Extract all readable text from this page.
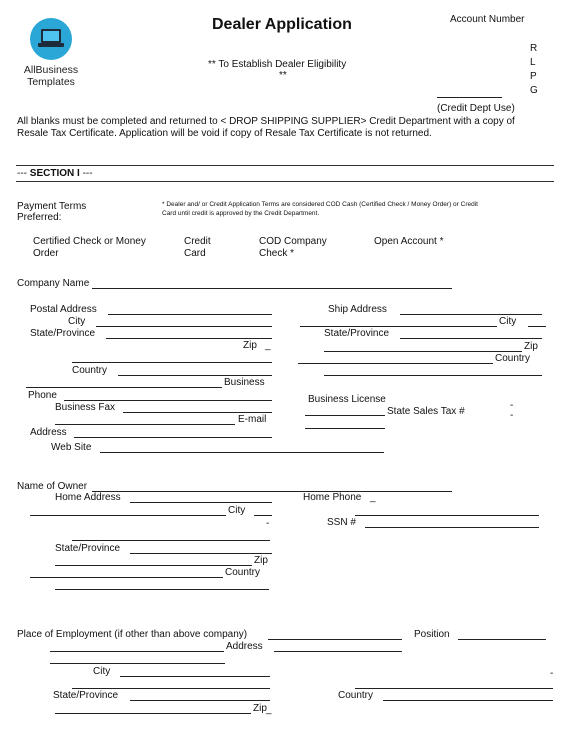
AllBusiness
Templates
Dealer Application
** To Establish Dealer Eligibility
**
Account Number
R
L
P
G
(Credit Dept Use)
All blanks must be completed and returned to < DROP SHIPPING SUPPLIER> Credit Department with a copy of
Resale Tax Certificate. Application will be void if copy of Resale Tax Certificate is not returned.
--- SECTION I ---
Payment Terms
Preferred:
* Dealer and/ or Credit Application Terms are considered COD Cash (Certified Check / Money Order) or Credit
Card until credit is approved by the Credit Department.
Certified Check or Money
Order
Credit
Card
COD Company
Check *
Open Account *
Company Name
Postal Address
City
State/Province
Zip _
Country
Business
Phone
Business Fax
E-mail
Address
Web Site
Ship Address
City
State/Province
Zip
Country
Business License
State Sales Tax #
-
-
Name of Owner
Home Address	Home Phone _
City
SSN #
-
State/Province
Zip
Country
Place of Employment (if other than above company)	Position
Address
City	-
State/Province	Country
Zip _
